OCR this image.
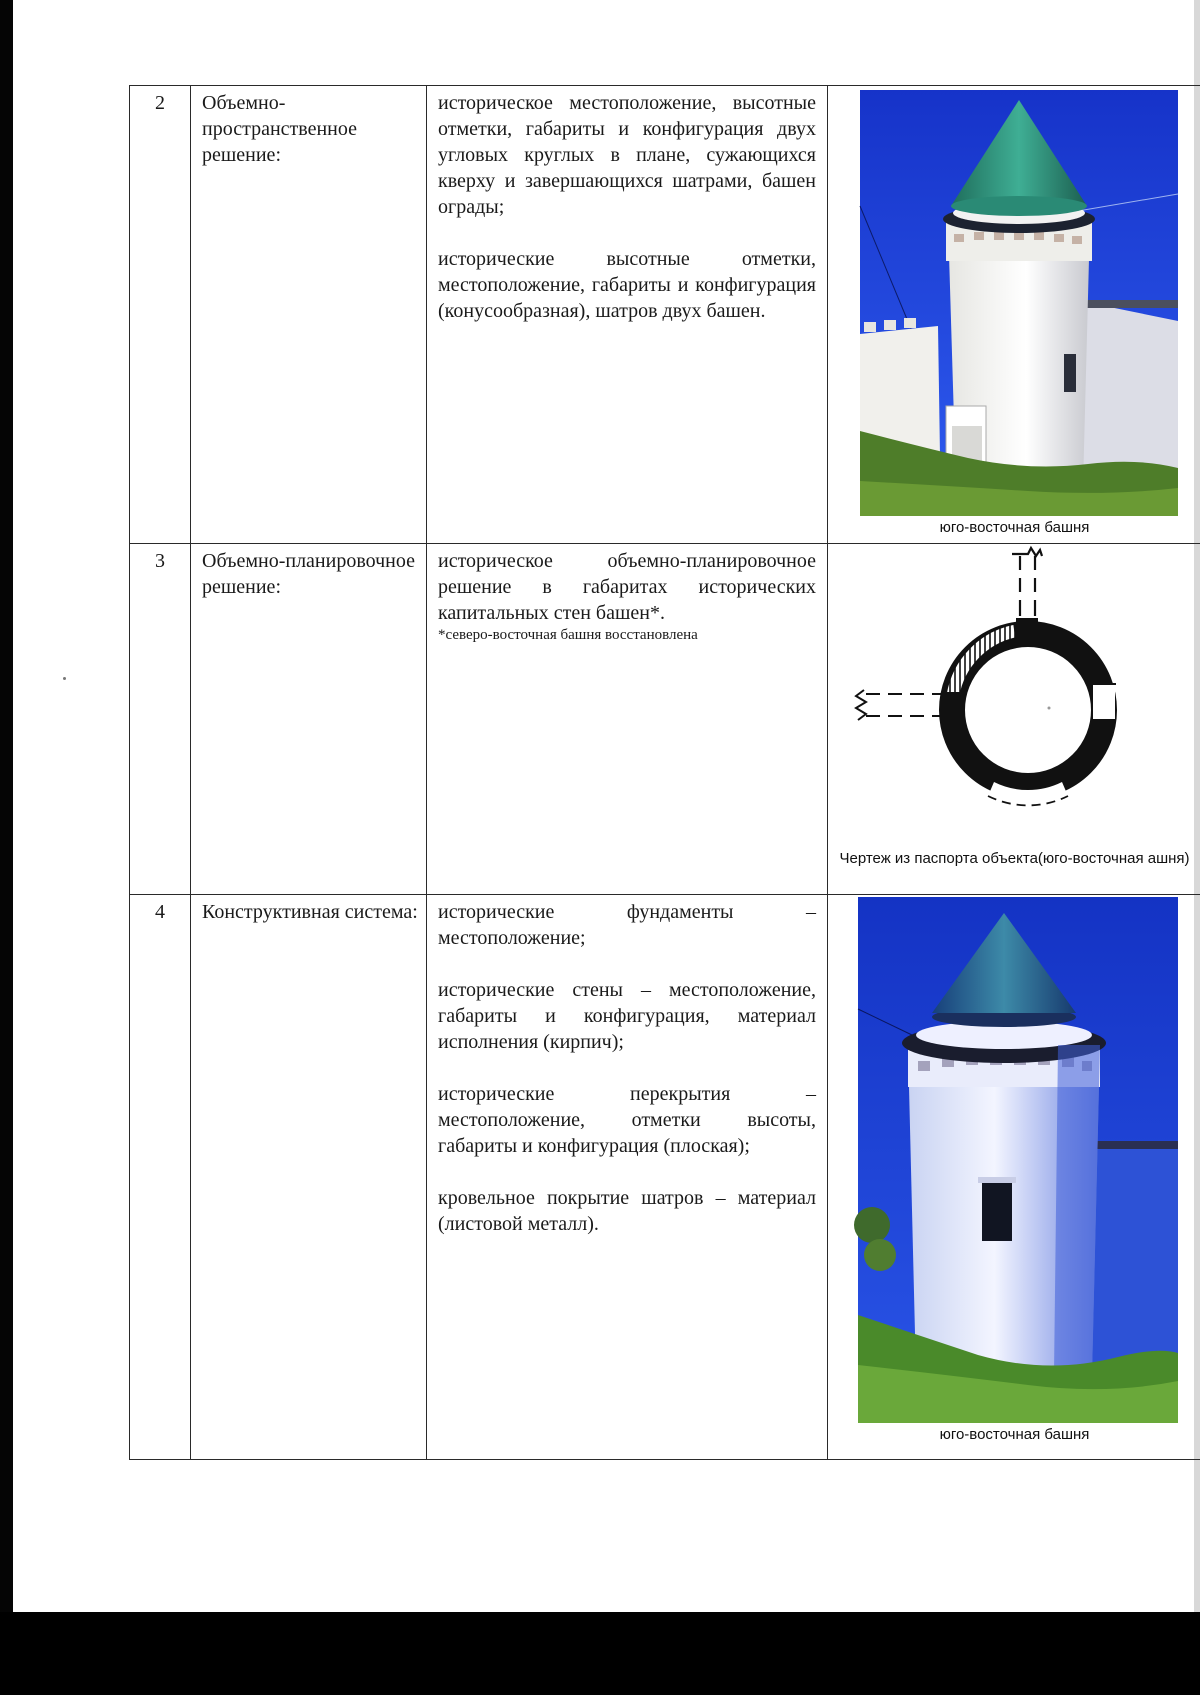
2	Объемно-пространственное решение:	историческое местоположение, высотные отметки, габариты и конфигурация двух угловых круглых в плане, сужающихся кверху и завершающихся шатрами, башен ограды;

исторические высотные отметки, местоположение, габариты и конфигурация (конусообразная), шатров двух башен.	юго-восточная башня

3	Объемно-планировочное решение:	историческое объемно-планировочное решение в габаритах исторических капитальных стен башен*.

*северо-восточная башня восстановлена	Чертеж из паспорта объекта(юго-восточная ашня)

4	Конструктивная система:	исторические фундаменты – местоположение;

исторические стены – местоположение, габариты и конфигурация, материал исполнения (кирпич);

исторические перекрытия – местоположение, отметки высоты, габариты и конфигурация (плоская);

кровельное покрытие шатров – материал (листовой металл).	юго-восточная башня
